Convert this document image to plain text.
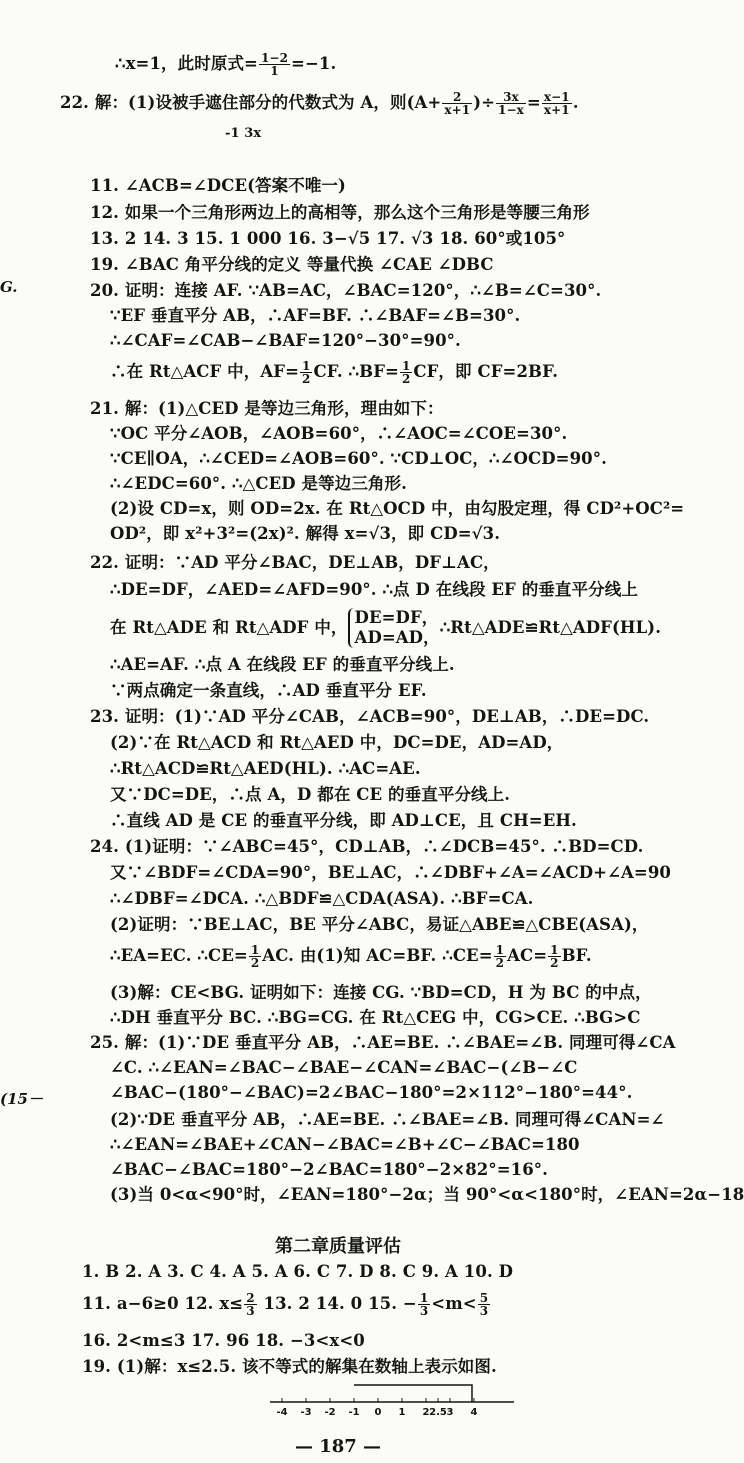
G.
(15－
∴x=1，此时原式= $\frac{1-2}{1} =-1$.
22. 解：(1)设被手遮住部分的代数式为 A，则($A+ \frac{2}{x+1}$ )÷ $\frac{3x}{1-x} = \frac{x-1}{x+1}$ .
-1 3x
11. ∠ACB=∠DCE(答案不唯一)
12. 如果一个三角形两边上的高相等，那么这个三角形是等腰三角形
13. 2 14. 3 15. 1 000 16. 3−√5 17. √3 18. 60°或105°
19. ∠BAC 角平分线的定义 等量代换 ∠CAE ∠DBC
20. 证明：连接 AF. ∵AB=AC，∠BAC=120°，∴∠B=∠C=30°.
∵EF 垂直平分 AB，∴AF=BF. ∴∠BAF=∠B=30°.
∴∠CAF=∠CAB−∠BAF=120°−30°=90°.
∴在 Rt△ACF 中，$AF= \frac{1}{2}$ CF. ∴BF= $\frac{1}{2}$ CF，即 CF=2BF.
21. 解：(1)△CED 是等边三角形，理由如下：
∵OC 平分∠AOB，∠AOB=60°，∴∠AOC=∠COE=30°.
∵CE∥OA，∴∠CED=∠AOB=60°. ∵CD⊥OC，∴∠OCD=90°.
∴∠EDC=60°. ∴△CED 是等边三角形.
(2)设 CD=x，则 OD=2x. 在 Rt△OCD 中，由勾股定理，得 CD²+OC²=
OD²，即 x²+3²=(2x)². 解得 x=√3，即 CD=√3.
22. 证明：∵AD 平分∠BAC，DE⊥AB，DF⊥AC，
∴DE=DF，∠AED=∠AFD=90°. ∴点 D 在线段 EF 的垂直平分线上
在 Rt△ADE 和 Rt△ADF 中，
DE=DF，
AD=AD，
∴Rt△ADE≌Rt△ADF(HL).
∴AE=AF. ∴点 A 在线段 EF 的垂直平分线上.
∵两点确定一条直线，∴AD 垂直平分 EF.
23. 证明：(1)∵AD 平分∠CAB，∠ACB=90°，DE⊥AB，∴DE=DC.
(2)∵在 Rt△ACD 和 Rt△AED 中，DC=DE，AD=AD，
∴Rt△ACD≌Rt△AED(HL). ∴AC=AE.
又∵DC=DE，∴点 A，D 都在 CE 的垂直平分线上.
∴直线 AD 是 CE 的垂直平分线，即 AD⊥CE，且 CH=EH.
24. (1)证明：∵∠ABC=45°，CD⊥AB，∴∠DCB=45°. ∴BD=CD.
又∵∠BDF=∠CDA=90°，BE⊥AC，∴∠DBF+∠A=∠ACD+∠A=90
∴∠DBF=∠DCA. ∴△BDF≌△CDA(ASA). ∴BF=CA.
(2)证明：∵BE⊥AC，BE 平分∠ABC，易证△ABE≌△CBE(ASA)，
∴EA=EC. ∴CE= $\frac{1}{2}$ AC. 由(1)知 AC=BF. ∴CE= $\frac{1}{2} AC= \frac{1}{2}$ BF.
(3)解：CE<BG. 证明如下：连接 CG. ∵BD=CD，H 为 BC 的中点，
∴DH 垂直平分 BC. ∴BG=CG. 在 Rt△CEG 中，CG>CE. ∴BG>C
25. 解：(1)∵DE 垂直平分 AB，∴AE=BE. ∴∠BAE=∠B. 同理可得∠CA
∠C. ∴∠EAN=∠BAC−∠BAE−∠CAN=∠BAC−(∠B−∠C
∠BAC−(180°−∠BAC)=2∠BAC−180°=2×112°−180°=44°.
(2)∵DE 垂直平分 AB，∴AE=BE. ∴∠BAE=∠B. 同理可得∠CAN=∠
∴∠EAN=∠BAE+∠CAN−∠BAC=∠B+∠C−∠BAC=180
∠BAC−∠BAC=180°−2∠BAC=180°−2×82°=16°.
(3)当 0<α<90°时，∠EAN=180°−2α；当 90°<α<180°时，∠EAN=2α−18
第二章质量评估
1. B 2. A 3. C 4. A 5. A 6. C 7. D 8. C 9. A 10. D
11. a−6≥0 12. $x\le \frac{2}{3} 13$. 2 14. 0 15. − $\frac{1}{3} <m< \frac{5}{3}$
16. 2<m≤3 17. 96 18. −3<x<0
19. (1)解：x≤2.5. 该不等式的解集在数轴上表示如图.
-4 -3 -2 -1 0 1 2 2.5 3 4
— 187 —
